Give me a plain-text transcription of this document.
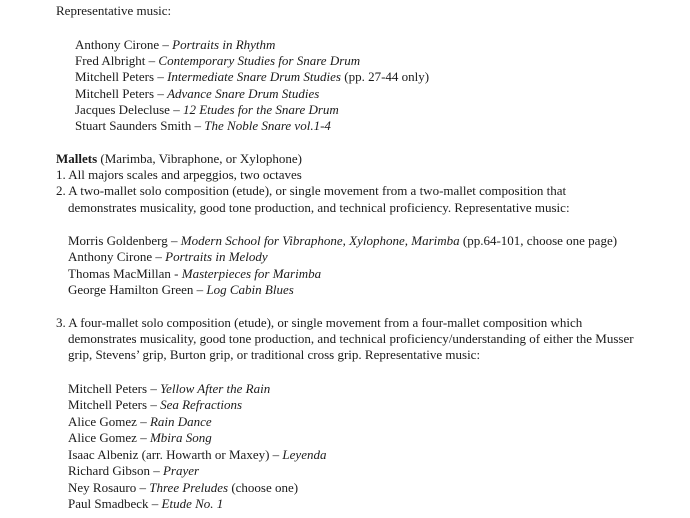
Representative music:
Anthony Cirone – Portraits in Rhythm
Fred Albright – Contemporary Studies for Snare Drum
Mitchell Peters – Intermediate Snare Drum Studies (pp. 27-44 only)
Mitchell Peters – Advance Snare Drum Studies
Jacques Delecluse – 12 Etudes for the Snare Drum
Stuart Saunders Smith – The Noble Snare vol.1-4
Mallets (Marimba, Vibraphone, or Xylophone)
1. All majors scales and arpeggios, two octaves
2. A two-mallet solo composition (etude), or single movement from a two-mallet composition that
demonstrates musicality, good tone production, and technical proficiency. Representative music:
Morris Goldenberg – Modern School for Vibraphone, Xylophone, Marimba (pp.64-101, choose one page)
Anthony Cirone – Portraits in Melody
Thomas MacMillan - Masterpieces for Marimba
George Hamilton Green – Log Cabin Blues
3. A four-mallet solo composition (etude), or single movement from a four-mallet composition which
demonstrates musicality, good tone production, and technical proficiency/understanding of either the Musser
grip, Stevens’ grip, Burton grip, or traditional cross grip. Representative music:
Mitchell Peters – Yellow After the Rain
Mitchell Peters – Sea Refractions
Alice Gomez – Rain Dance
Alice Gomez – Mbira Song
Isaac Albeniz (arr. Howarth or Maxey) – Leyenda
Richard Gibson – Prayer
Ney Rosauro – Three Preludes (choose one)
Paul Smadbeck – Etude No. 1
